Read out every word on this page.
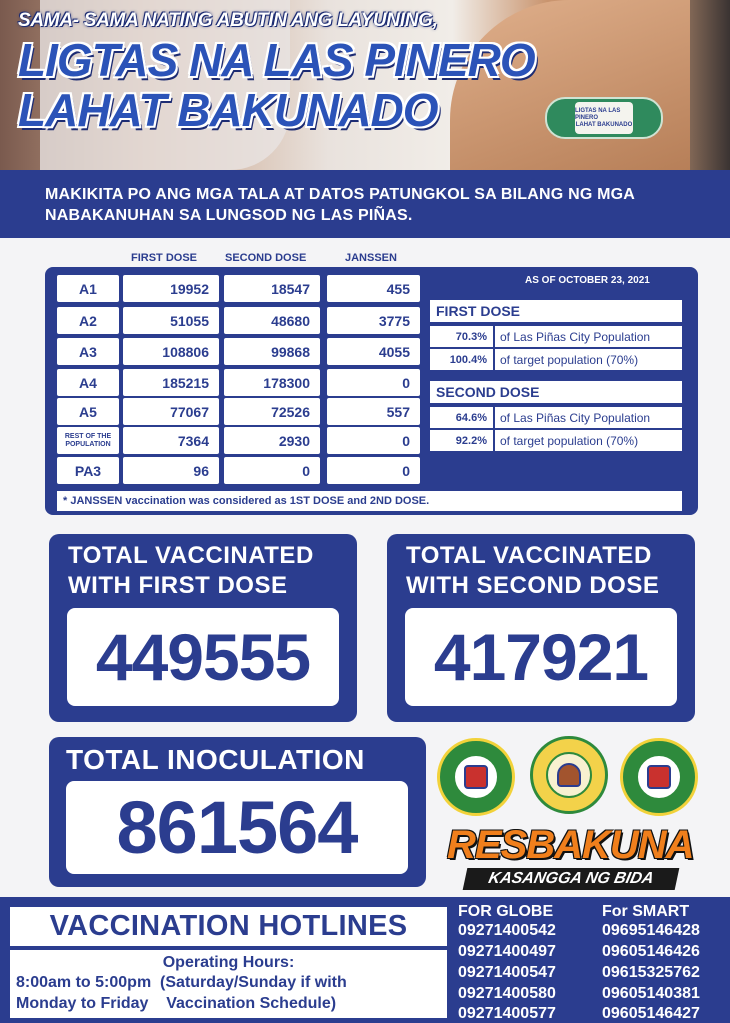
SAMA- SAMA NATING ABUTIN ANG LAYUNING,
LIGTAS NA LAS PINERO
LAHAT BAKUNADO	LIGTAS NA LAS PINERO
LAHAT BAKUNADO

MAKIKITA PO ANG MGA TALA AT DATOS PATUNGKOL SA BILANG NG MGA NABAKANUHAN SA LUNGSOD NG LAS PIÑAS.

FIRST DOSE	SECOND DOSE	JANSSEN
A1	19952	18547	455
A2	51055	48680	3775
A3	108806	99868	4055
A4	185215	178300	0
A5	77067	72526	557
REST OF THE POPULATION	7364	2930	0
PA3	96	0	0
AS OF OCTOBER 23, 2021
FIRST DOSE
70.3%	of Las Piñas City Population
100.4%	of target population (70%)
SECOND DOSE
64.6%	of Las Piñas City Population
92.2%	of target population (70%)
* JANSSEN vaccination was considered as 1ST DOSE and 2ND DOSE.
TOTAL VACCINATED
WITH FIRST DOSE
449555
TOTAL VACCINATED
WITH SECOND DOSE
417921
TOTAL INOCULATION
861564	RESBAKUNA
KASANGGA NG BIDA
VACCINATION HOTLINES
Operating Hours:
8:00am to 5:00pm  (Saturday/Sunday if with
Monday to Friday    Vaccination Schedule)
FOR GLOBE
09271400542
09271400497
09271400547
09271400580
09271400577
For SMART
09695146428
09605146426
09615325762
09605140381
09605146427
